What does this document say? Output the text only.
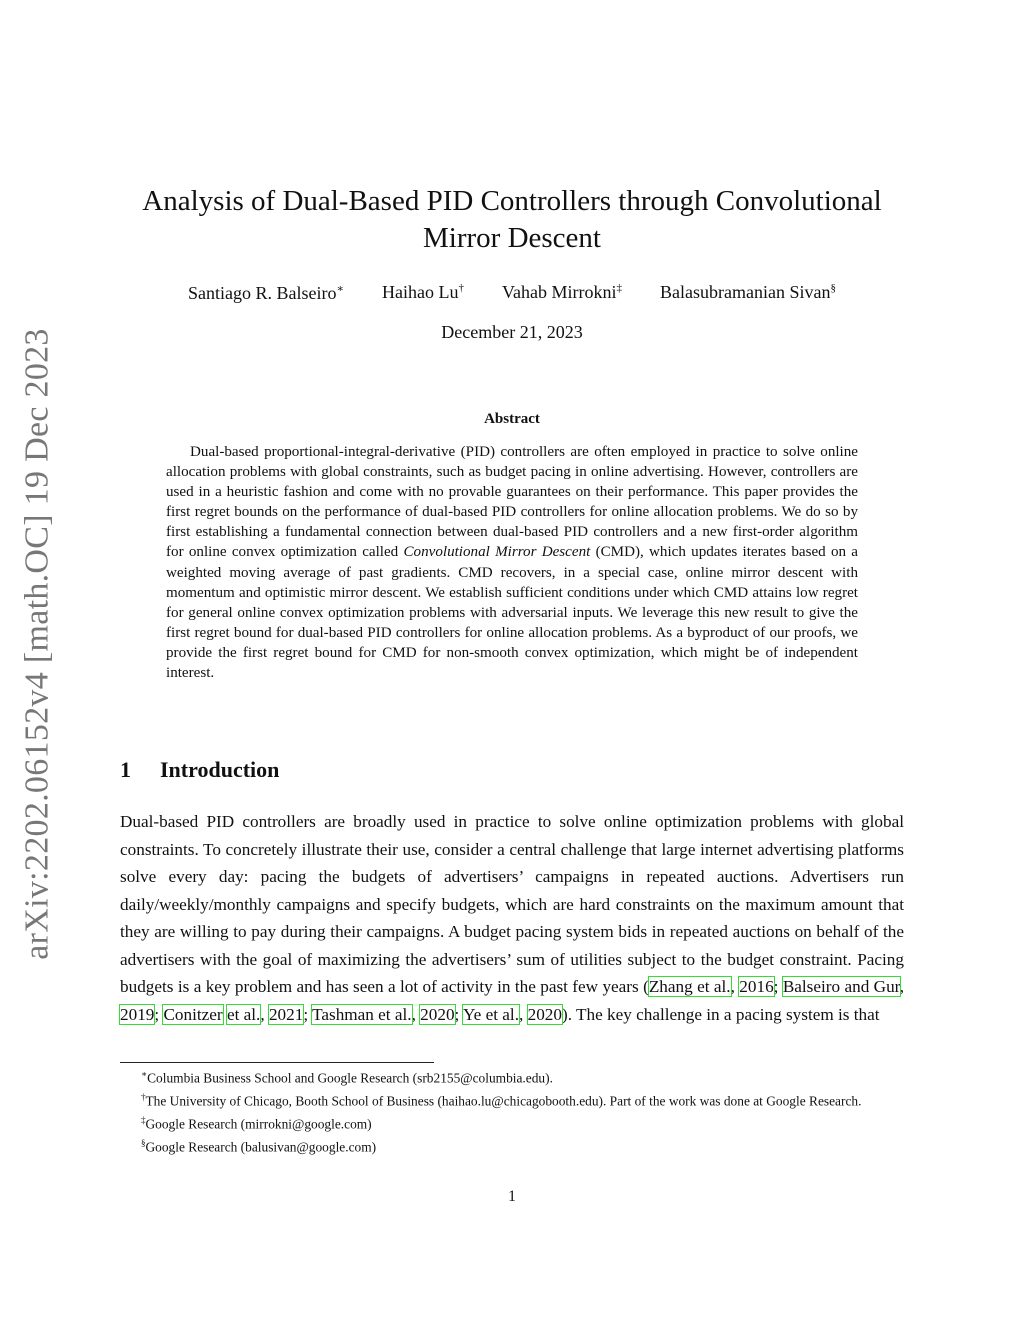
arXiv:2202.06152v4 [math.OC] 19 Dec 2023
Analysis of Dual-Based PID Controllers through Convolutional
Mirror Descent
Santiago R. Balseiro∗ Haihao Lu† Vahab Mirrokni‡ Balasubramanian Sivan§
December 21, 2023
Abstract

Dual-based proportional-integral-derivative (PID) controllers are often employed in practice to solve online allocation problems with global constraints, such as budget pacing in online advertising. However, controllers are used in a heuristic fashion and come with no provable guarantees on their performance. This paper provides the first regret bounds on the performance of dual-based PID controllers for online allocation problems. We do so by first establishing a fundamental connection between dual-based PID controllers and a new first-order algorithm for online convex optimization called Convolutional Mirror Descent (CMD), which updates iterates based on a weighted moving average of past gradients. CMD recovers, in a special case, online mirror descent with momentum and optimistic mirror descent. We establish sufficient conditions under which CMD attains low regret for general online convex optimization problems with adversarial inputs. We leverage this new result to give the first regret bound for dual-based PID controllers for online allocation problems. As a byproduct of our proofs, we provide the first regret bound for CMD for non-smooth convex optimization, which might be of independent interest.

1 Introduction

Dual-based PID controllers are broadly used in practice to solve online optimization problems with global constraints. To concretely illustrate their use, consider a central challenge that large internet advertising platforms solve every day: pacing the budgets of advertisers’ campaigns in repeated auctions. Advertisers run daily/weekly/monthly campaigns and specify budgets, which are hard constraints on the maximum amount that they are willing to pay during their campaigns. A budget pacing system bids in repeated auctions on behalf of the advertisers with the goal of maximizing the advertisers’ sum of utilities subject to the budget constraint. Pacing budgets is a key problem and has seen a lot of activity in the past few years (Zhang et al., 2016; Balseiro and Gur, 2019; Conitzer et al., 2021; Tashman et al., 2020; Ye et al., 2020). The key challenge in a pacing system is that

∗Columbia Business School and Google Research (srb2155@columbia.edu).
†The University of Chicago, Booth School of Business (haihao.lu@chicagobooth.edu). Part of the work was done at Google Research.
‡Google Research (mirrokni@google.com)
§Google Research (balusivan@google.com)
1
